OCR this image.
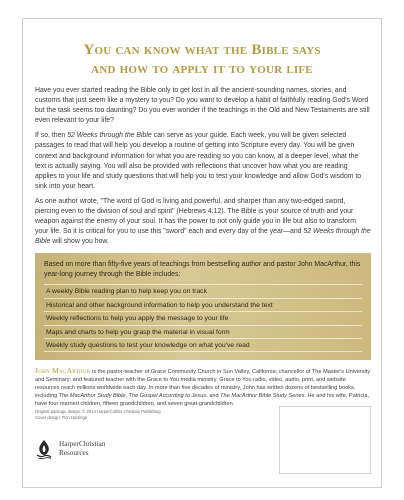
You can know what the Bible says
and how to apply it to your life

Have you ever started reading the Bible only to get lost in all the ancient-sounding names, stories, and customs that just seem like a mystery to you? Do you want to develop a habit of faithfully reading God's Word but the task seems too daunting? Do you ever wonder if the teachings in the Old and New Testaments are still even relevant to your life?

If so, then 52 Weeks through the Bible can serve as your guide. Each week, you will be given selected passages to read that will help you develop a routine of getting into Scripture every day. You will be given context and background information for what you are reading so you can know, at a deeper level, what the text is actually saying. You will also be provided with reflections that uncover how what you are reading applies to your life and study questions that will help you to test your knowledge and allow God's wisdom to sink into your heart.

As one author wrote, "The word of God is living and powerful, and sharper than any two-edged sword, piercing even to the division of soul and spirit" (Hebrews 4:12). The Bible is your source of truth and your weapon against the enemy of your soul. It has the power to not only guide you in life but also to transform your life. So it is critical for you to use this "sword" each and every day of the year—and 52 Weeks through the Bible will show you how.

Based on more than fifty-five years of teachings from bestselling author and pastor John MacArthur, this year-long journey through the Bible includes:
A weekly Bible reading plan to help keep you on track
Historical and other background information to help you understand the text
Weekly reflections to help you apply the message to your life
Maps and charts to help you grasp the material in visual form
Weekly study questions to test your knowledge on what you've read
John MacArthur is the pastor-teacher of Grace Community Church in Sun Valley, California; chancellor of The Master's University and Seminary; and featured teacher with the Grace to You media ministry. Grace to You radio, video, audio, print, and website resources reach millions worldwide each day. In more than five decades of ministry, John has written dozens of bestselling books, including The MacArthur Study Bible, The Gospel According to Jesus, and The MacArthur Bible Study Series. He and his wife, Patricia, have four married children, fifteen grandchildren, and seven great-grandchildren.
Original package design: © 2014 HarperCollins Christian Publishing
Cover design: Ron Huizinga
HarperChristian
Resources
